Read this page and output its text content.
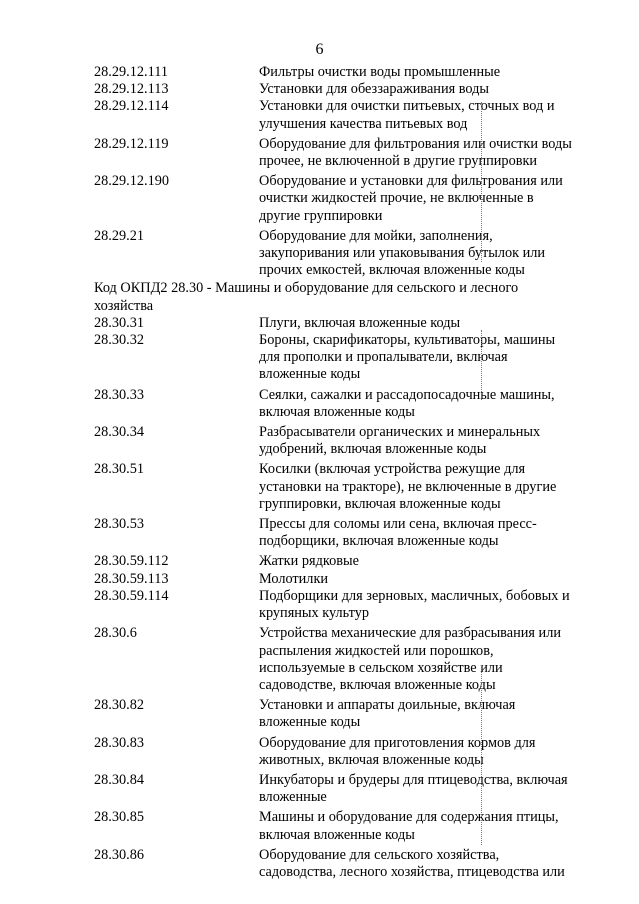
6
28.29.12.111	Фильтры очистки воды промышленные
28.29.12.113	Установки для обеззараживания воды
28.29.12.114	Установки для очистки питьевых, сточных вод и
улучшения качества питьевых вод
28.29.12.119	Оборудование для фильтрования или очистки воды
прочее, не включенной в другие группировки
28.29.12.190	Оборудование и установки для фильтрования или
очистки жидкостей прочие, не включенные в
другие группировки
28.29.21	Оборудование для мойки, заполнения,
закупоривания или упаковывания бутылок или
прочих емкостей, включая вложенные коды
Код ОКПД2 28.30 - Машины и оборудование для сельского и лесного
хозяйства
28.30.31	Плуги, включая вложенные коды
28.30.32	Бороны, скарификаторы, культиваторы, машины
для прополки и пропалыватели, включая
вложенные коды
28.30.33	Сеялки, сажалки и рассадопосадочные машины,
включая вложенные коды
28.30.34	Разбрасыватели органических и минеральных
удобрений, включая вложенные коды
28.30.51	Косилки (включая устройства режущие для
установки на тракторе), не включенные в другие
группировки, включая вложенные коды
28.30.53	Прессы для соломы или сена, включая пресс-
подборщики, включая вложенные коды
28.30.59.112	Жатки рядковые
28.30.59.113	Молотилки
28.30.59.114	Подборщики для зерновых, масличных, бобовых и
крупяных культур
28.30.6	Устройства механические для разбрасывания или
распыления жидкостей или порошков,
используемые в сельском хозяйстве или
садоводстве, включая вложенные коды
28.30.82	Установки и аппараты доильные, включая
вложенные коды
28.30.83	Оборудование для приготовления кормов для
животных, включая вложенные коды
28.30.84	Инкубаторы и брудеры для птицеводства, включая
вложенные
28.30.85	Машины и оборудование для содержания птицы,
включая вложенные коды
28.30.86	Оборудование для сельского хозяйства,
садоводства, лесного хозяйства, птицеводства или
